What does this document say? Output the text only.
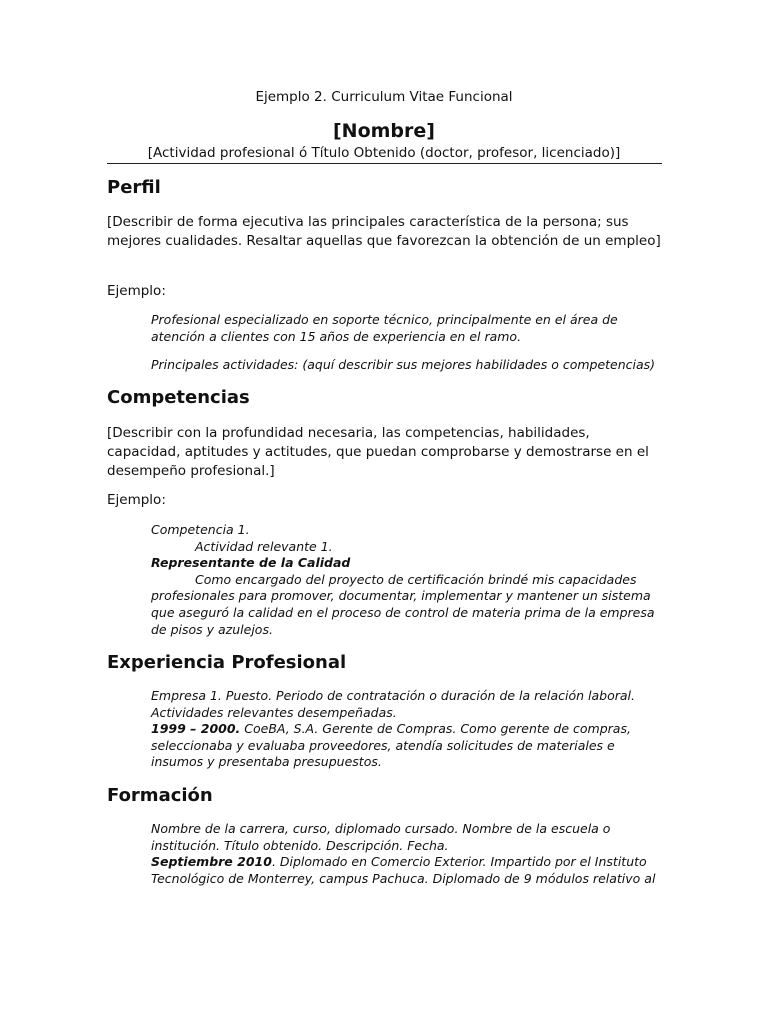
Ejemplo 2. Curriculum Vitae Funcional
[Nombre]
[Actividad profesional ó Título Obtenido (doctor, profesor, licenciado)]
Perfil
[Describir de forma ejecutiva las principales característica de la persona; sus mejores cualidades. Resaltar aquellas que favorezcan la obtención de un empleo]
Ejemplo:
Profesional especializado en soporte técnico, principalmente en el área de atención a clientes con 15 años de experiencia en el ramo.
Principales actividades: (aquí describir sus mejores habilidades o competencias)
Competencias
[Describir con la profundidad necesaria, las competencias, habilidades, capacidad, aptitudes y actitudes, que puedan comprobarse y demostrarse en el desempeño profesional.]
Ejemplo:
Competencia 1.
Actividad relevante 1.
Representante de la Calidad
Como encargado del proyecto de certificación brindé mis capacidades
profesionales para promover, documentar, implementar y mantener un sistema
que aseguró la calidad en el proceso de control de materia prima de la empresa
de pisos y azulejos.
Experiencia Profesional
Empresa 1. Puesto. Periodo de contratación o duración de la relación laboral.
Actividades relevantes desempeñadas.
1999 – 2000. CoeBA, S.A. Gerente de Compras. Como gerente de compras,
seleccionaba y evaluaba proveedores, atendía solicitudes de materiales e
insumos y presentaba presupuestos.
Formación
Nombre de la carrera, curso, diplomado cursado. Nombre de la escuela o
institución. Título obtenido. Descripción. Fecha.
Septiembre 2010. Diplomado en Comercio Exterior. Impartido por el Instituto
Tecnológico de Monterrey, campus Pachuca. Diplomado de 9 módulos relativo al
